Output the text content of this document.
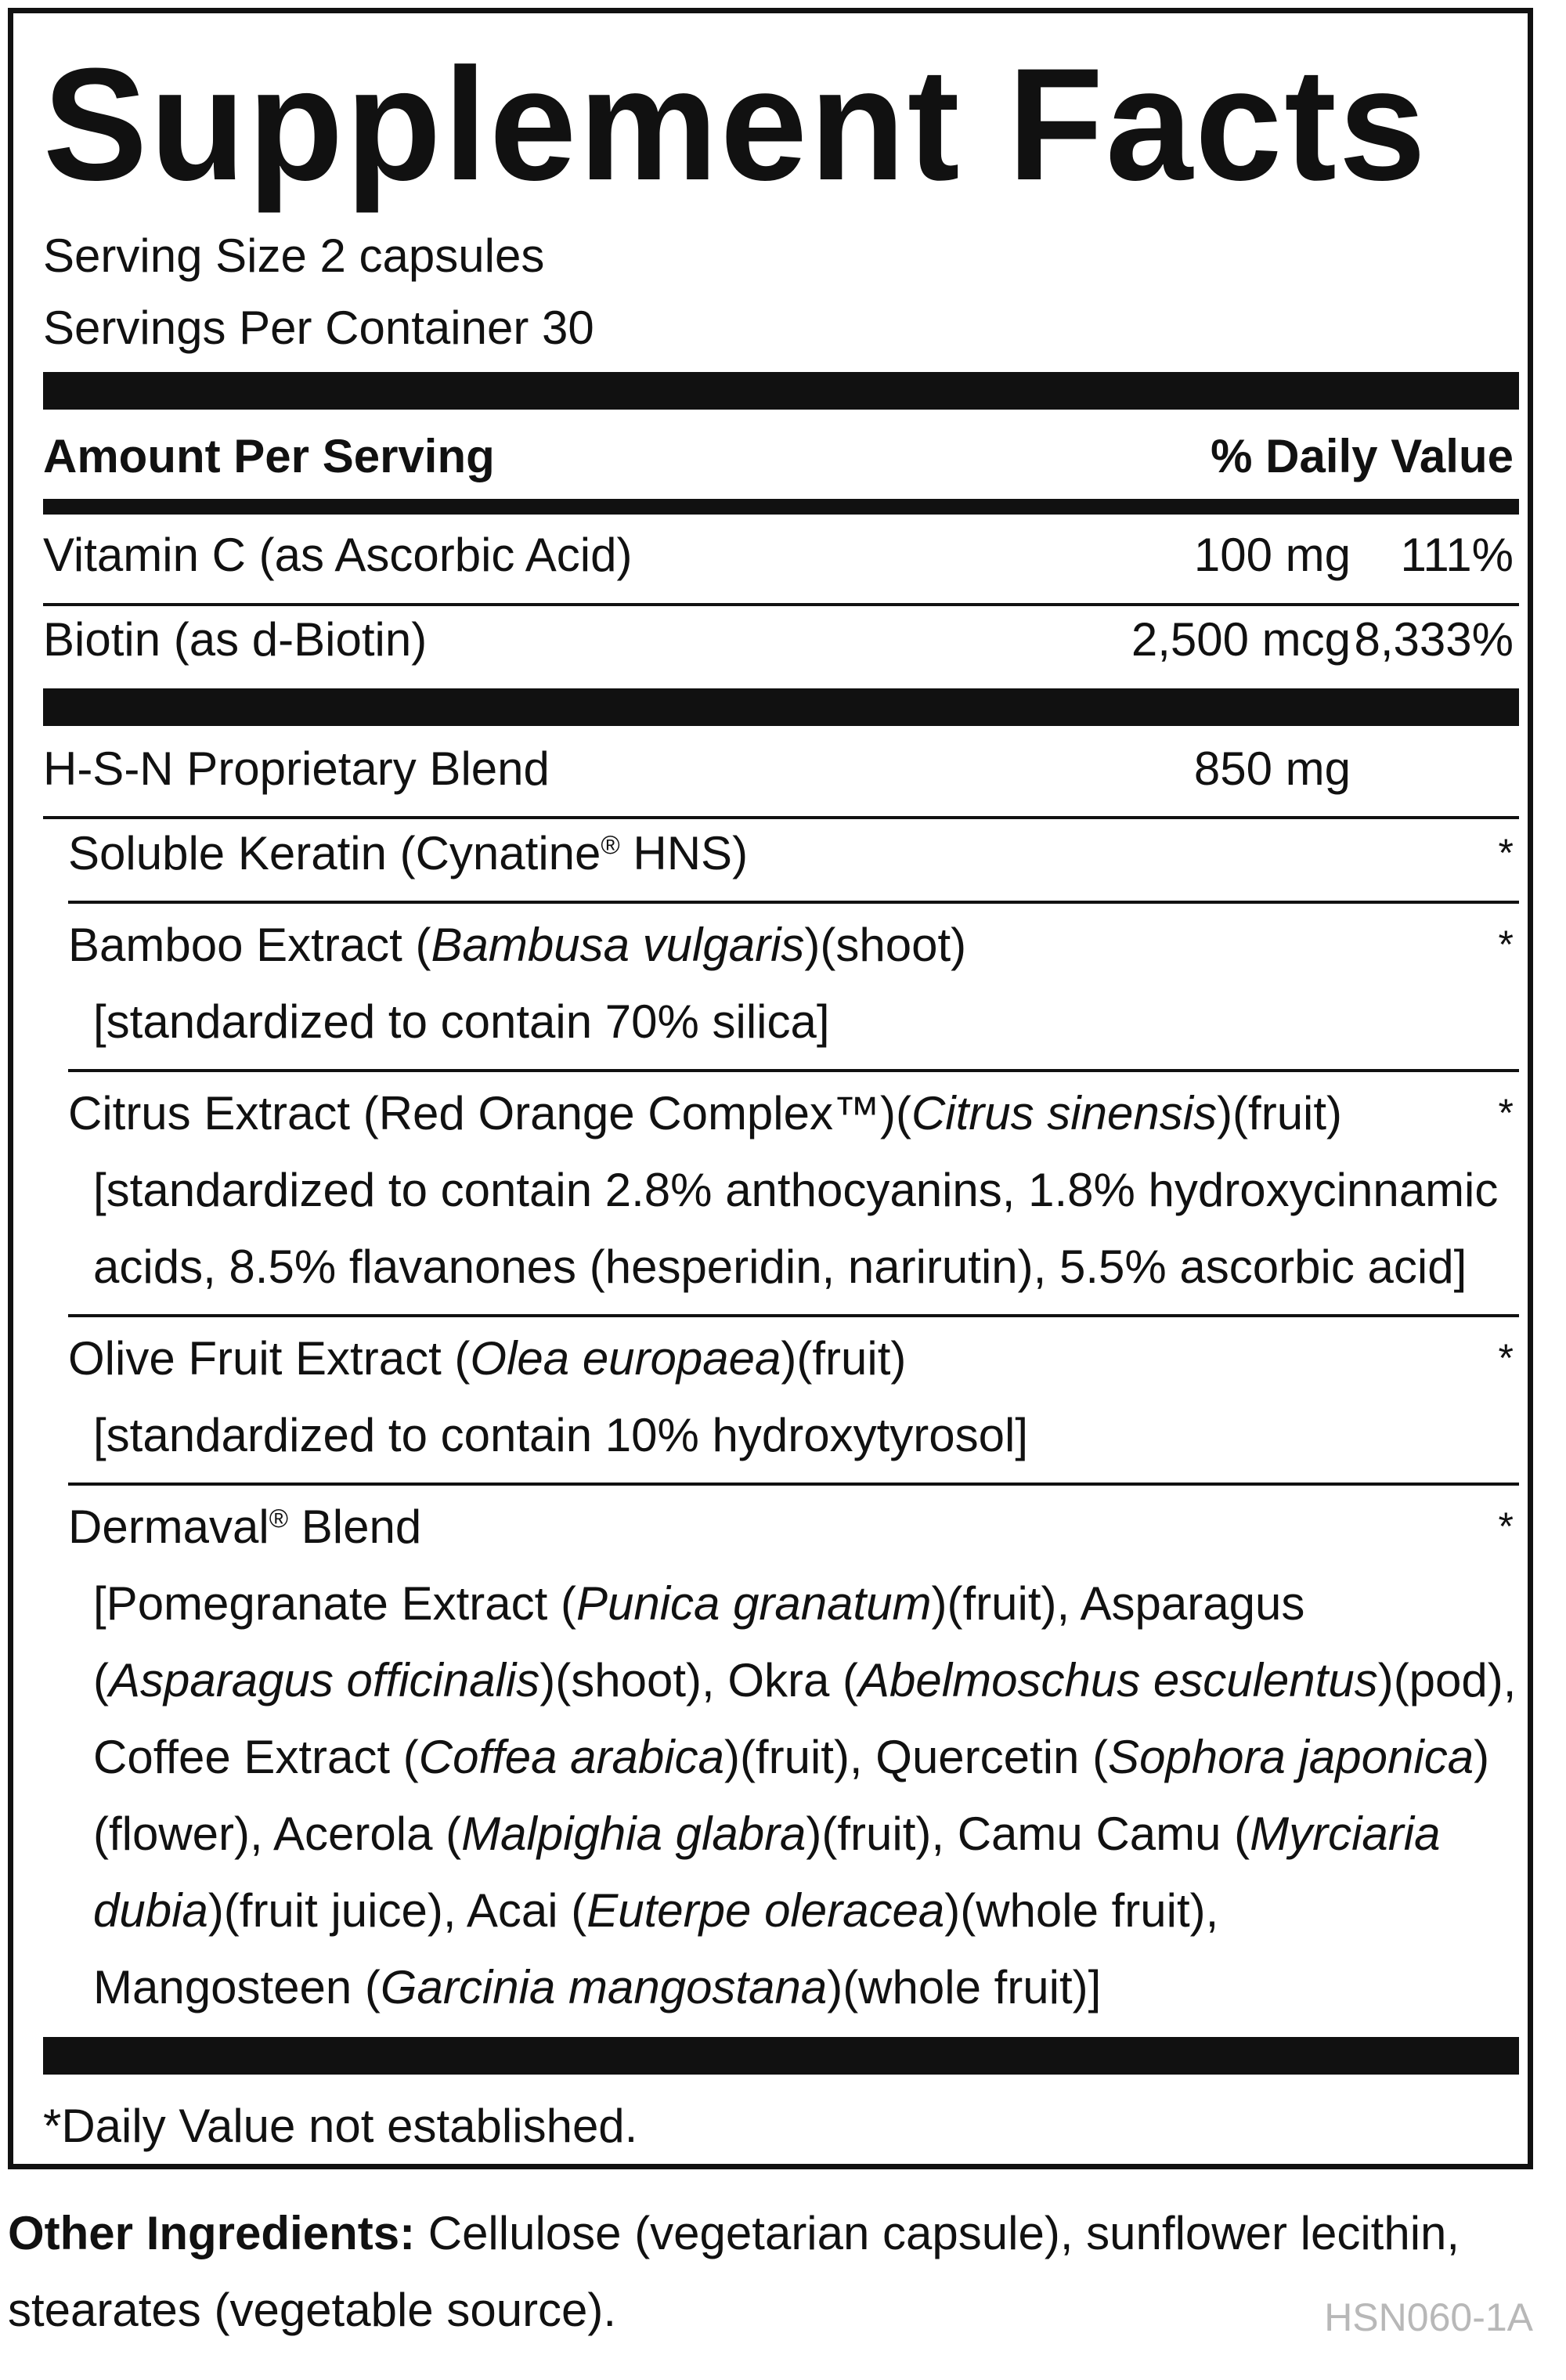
Supplement Facts
Serving Size 2 capsules
Servings Per Container 30
Amount Per Serving	% Daily Value
Vitamin C (as Ascorbic Acid)	100 mg 111%
Biotin (as d-Biotin)	2,500 mcg 8,333%
H-S-N Proprietary Blend	850 mg
Soluble Keratin (Cynatine® HNS)	*
Bamboo Extract (Bambusa vulgaris)(shoot)	*
[standardized to contain 70% silica]
Citrus Extract (Red Orange Complex™)(Citrus sinensis)(fruit)	*
[standardized to contain 2.8% anthocyanins, 1.8% hydroxycinnamic
acids, 8.5% flavanones (hesperidin, narirutin), 5.5% ascorbic acid]
Olive Fruit Extract (Olea europaea)(fruit)	*
[standardized to contain 10% hydroxytyrosol]
Dermaval® Blend	*
[Pomegranate Extract (Punica granatum)(fruit), Asparagus
(Asparagus officinalis)(shoot), Okra (Abelmoschus esculentus)(pod),
Coffee Extract (Coffea arabica)(fruit), Quercetin (Sophora japonica)
(flower), Acerola (Malpighia glabra)(fruit), Camu Camu (Myrciaria
dubia)(fruit juice), Acai (Euterpe oleracea)(whole fruit),
Mangosteen (Garcinia mangostana)(whole fruit)]
*Daily Value not established.
Other Ingredients: Cellulose (vegetarian capsule), sunflower lecithin,
stearates (vegetable source).	HSN060-1A
